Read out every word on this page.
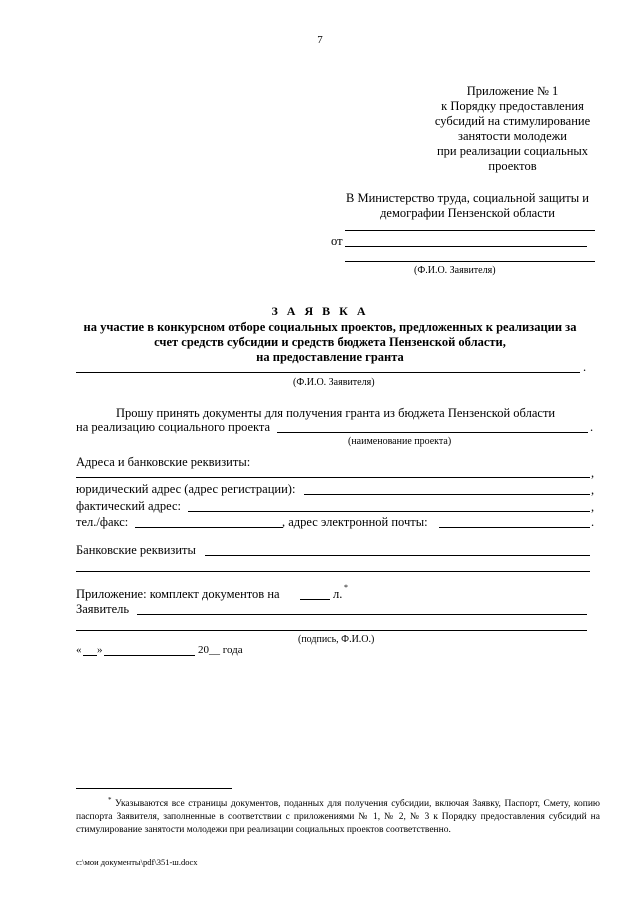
7
Приложение № 1
к Порядку предоставления
субсидий на стимулирование
занятости молодежи
при реализации социальных
проектов
В Министерство труда, социальной защиты и
демографии Пензенской области
от
(Ф.И.О. Заявителя)
З А Я В К А
на участие в конкурсном отборе социальных проектов, предложенных к реализации за
счет средств субсидии и средств бюджета Пензенской области,
на предоставление гранта
.
(Ф.И.О. Заявителя)
Прошу принять документы для получения гранта из бюджета Пензенской области
на реализацию социального проекта	.
(наименование проекта)
Адреса и банковские реквизиты:
,
юридический адрес (адрес регистрации):	,
фактический адрес:	,
тел./факс:	, адрес электронной почты:	.
Банковские реквизиты
Приложение: комплект документов на	л. *
Заявитель
(подпись, Ф.И.О.)
« »	20__ года
* Указываются все страницы документов, поданных для получения субсидии, включая Заявку, Паспорт, Смету, копию паспорта Заявителя, заполненные в соответствии с приложениями № 1, № 2, № 3 к Порядку предоставления субсидий на стимулирование занятости молодежи при реализации социальных проектов соответственно.
c:\мои документы\pdf\351-ш.docx
